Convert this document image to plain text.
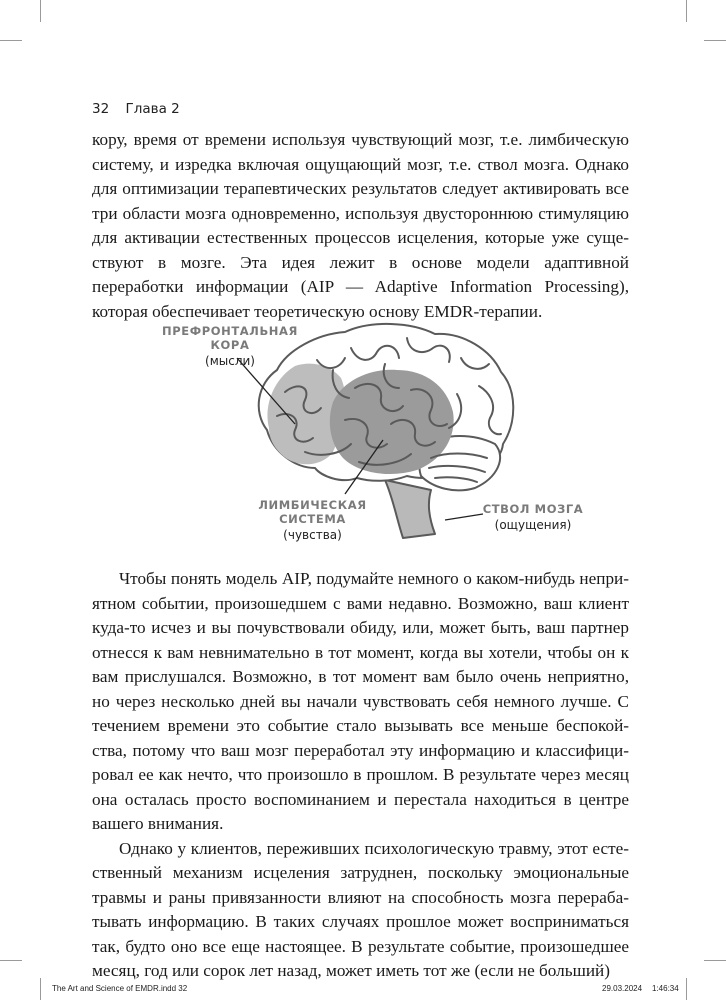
32 Глава 2

кору, время от времени используя чувствующий мозг, т.е. лимбическую систему, и изредка включая ощущающий мозг, т.е. ствол мозга. Однако для оптимизации терапевтических результатов следует активировать все три области мозга одновременно, используя двустороннюю стимуляцию для активации естественных процессов исцеления, которые уже существуют в мозге. Эта идея лежит в основе модели адаптивной переработки информации (AIP — Adaptive Information Processing), которая обеспечивает теоретическую основу EMDR-терапии.

ПРЕФРОНТАЛЬНАЯ КОРА
(мысли)
ЛИМБИЧЕСКАЯ СИСТЕМА
(чувства)
СТВОЛ МОЗГА
(ощущения)

Чтобы понять модель AIP, подумайте немного о каком-нибудь неприятном событии, произошедшем с вами недавно. Возможно, ваш клиент куда-то исчез и вы почувствовали обиду, или, может быть, ваш партнер отнесся к вам невнимательно в тот момент, когда вы хотели, чтобы он к вам прислушался. Возможно, в тот момент вам было очень неприятно, но через несколько дней вы начали чувствовать себя немного лучше. С течением времени это событие стало вызывать все меньше беспокойства, потому что ваш мозг переработал эту информацию и классифицировал ее как нечто, что произошло в прошлом. В результате через месяц она осталась просто воспоминанием и перестала находиться в центре вашего внимания.

Однако у клиентов, переживших психологическую травму, этот естественный механизм исцеления затруднен, поскольку эмоциональные травмы и раны привязанности влияют на способность мозга перерабатывать информацию. В таких случаях прошлое может восприниматься так, будто оно все еще настоящее. В результате событие, произошедшее месяц, год или сорок лет назад, может иметь тот же (если не больший)

The Art and Science of EMDR.indd 32	29.03.2024 1:46:34
